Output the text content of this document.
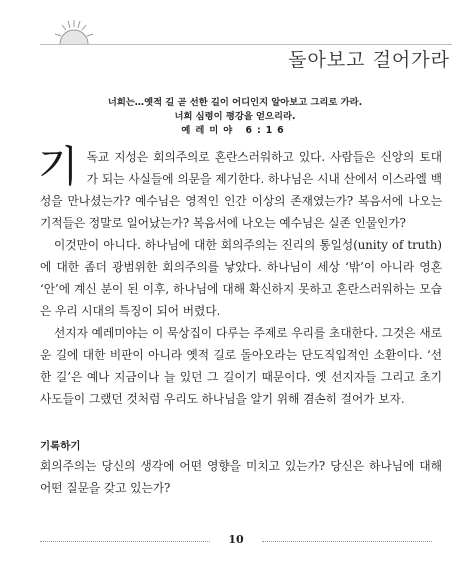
돌아보고 걸어가라
너희는…옛적 길 곧 선한 길이 어디인지 알아보고 그리로 가라.
너희 심령이 평강을 얻으리라.
예레미야 6:16

기독교 지성은 회의주의로 혼란스러워하고 있다. 사람들은 신앙의 토대가 되는 사실들에 의문을 제기한다. 하나님은 시내 산에서 이스라엘 백성을 만나셨는가? 예수님은 영적인 인간 이상의 존재였는가? 복음서에 나오는 기적들은 정말로 일어났는가? 복음서에 나오는 예수님은 실존 인물인가?

이것만이 아니다. 하나님에 대한 회의주의는 진리의 통일성(unity of truth)에 대한 좀더 광범위한 회의주의를 낳았다. 하나님이 세상 ‘밖’이 아니라 영혼 ‘안’에 계신 분이 된 이후, 하나님에 대해 확신하지 못하고 혼란스러워하는 모습은 우리 시대의 특징이 되어 버렸다.

선지자 예레미야는 이 묵상집이 다루는 주제로 우리를 초대한다. 그것은 새로운 길에 대한 비판이 아니라 옛적 길로 돌아오라는 단도직입적인 소환이다. ‘선한 길’은 예나 지금이나 늘 있던 그 길이기 때문이다. 옛 선지자들 그리고 초기 사도들이 그랬던 것처럼 우리도 하나님을 알기 위해 겸손히 걸어가 보자.

기록하기

회의주의는 당신의 생각에 어떤 영향을 미치고 있는가? 당신은 하나님에 대해 어떤 질문을 갖고 있는가?

10
